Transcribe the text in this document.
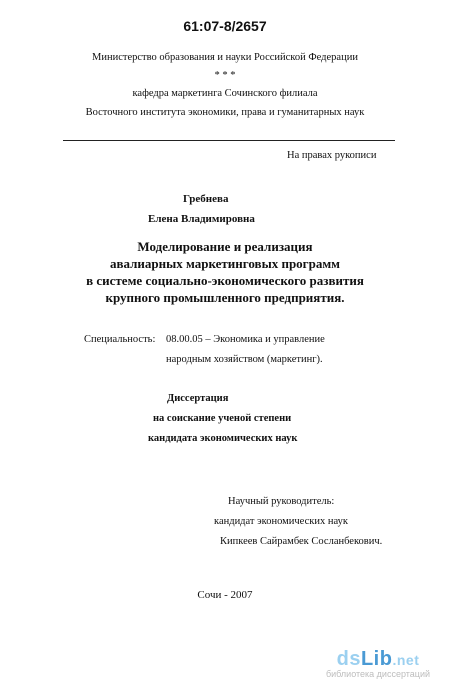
61:07-8/2657
Министерство образования и науки Российской Федерации
* * *
кафедра маркетинга Сочинского филиала
Восточного института экономики, права и гуманитарных наук
На правах рукописи
Гребнева
Елена Владимировна
Моделирование и реализация
авалиарных маркетинговых программ
в системе социально-экономического развития
крупного промышленного предприятия.
Специальность: 08.00.05 – Экономика и управление
народным хозяйством (маркетинг).
Диссертация
на соискание ученой степени
кандидата экономических наук
Научный руководитель:
кандидат экономических наук
Кипкеев Сайрамбек Сосланбекович.
Сочи - 2007
dsLib.net
библиотека диссертаций
